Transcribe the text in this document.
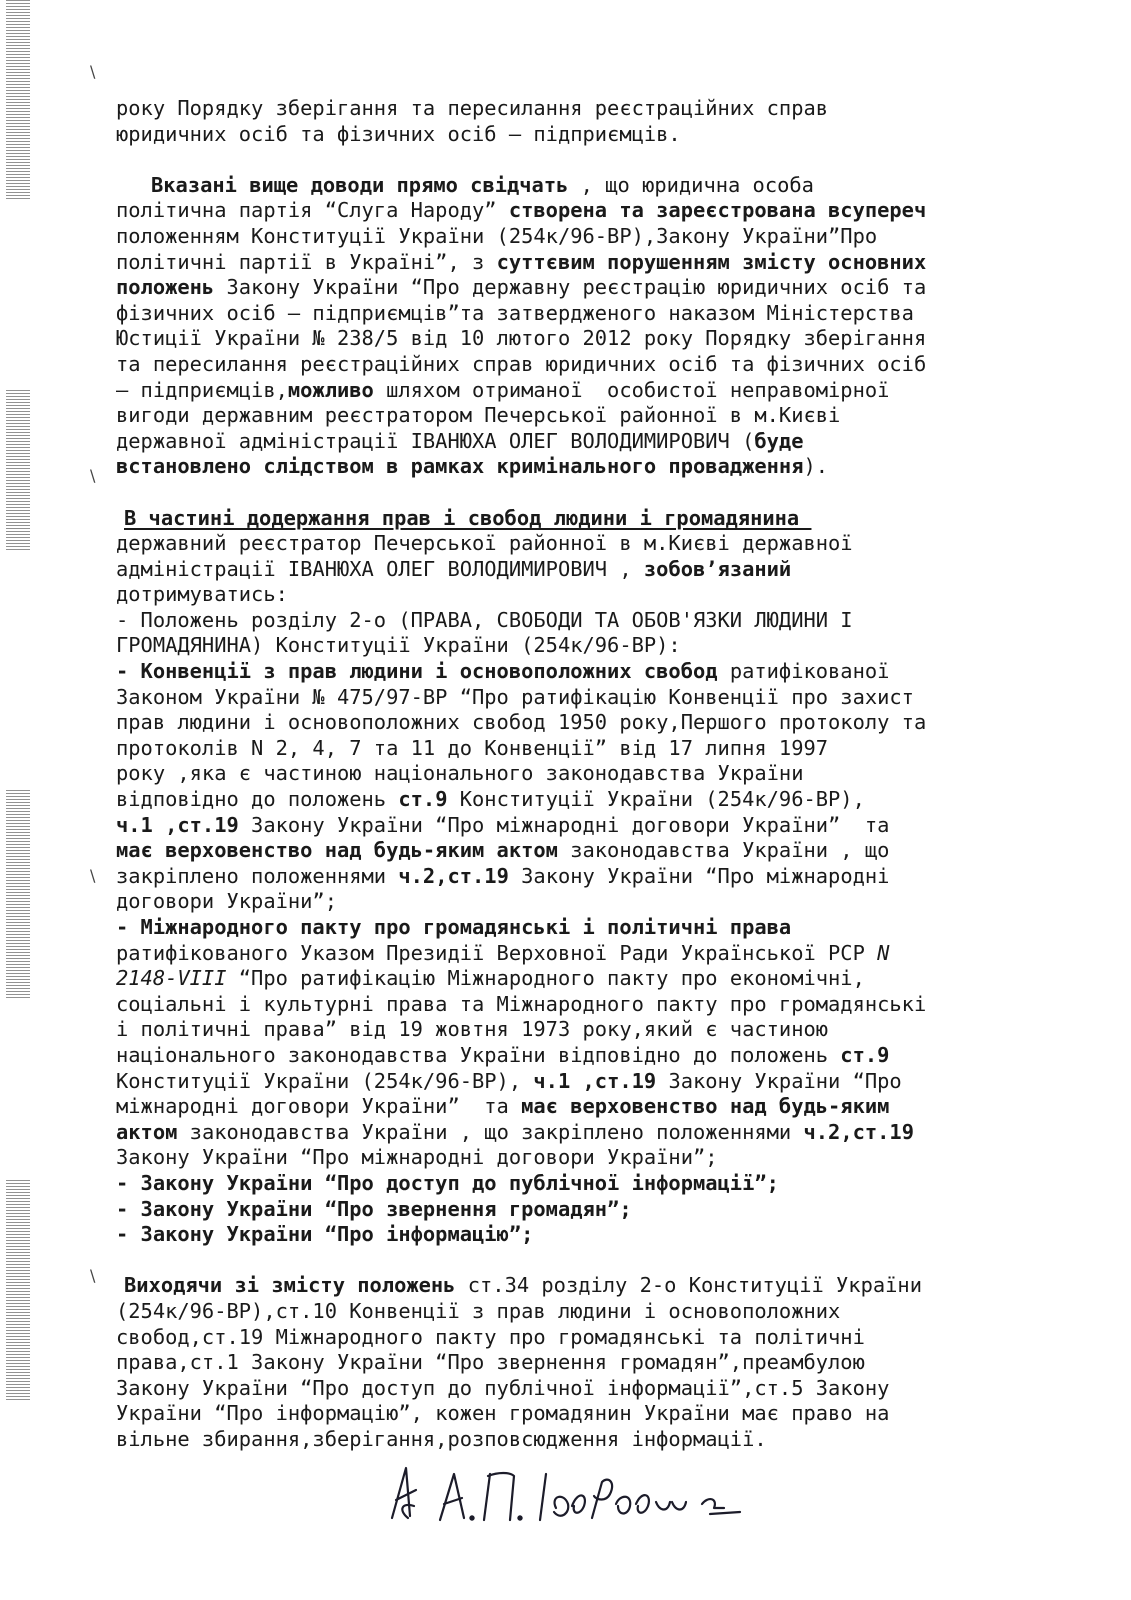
\
\
\
\
року Порядку зберігання та пересилання реєстраційних справ
юридичних осіб та фізичних осіб – підприємців.
Вказані вище доводи прямо свідчать , що юридична особа
політична партія “Слуга Народу” створена та зареєстрована всупереч
положенням Конституції України (254к/96-ВР),Закону України”Про
політичні партії в Україні”, з суттєвим порушенням змісту основних
положень Закону України “Про державну реєстрацію юридичних осіб та
фізичних осіб – підприємців”та затвердженого наказом Міністерства
Юстиції України № 238/5 від 10 лютого 2012 року Порядку зберігання
та пересилання реєстраційних справ юридичних осіб та фізичних осіб
– підприємців,можливо шляхом отриманої  особистої неправомірної
вигоди державним реєстратором Печерської районної в м.Києві
державної адміністрації ІВАНЮХА ОЛЕГ ВОЛОДИМИРОВИЧ (буде
встановлено слідством в рамках кримінального провадження).
В частині додержання прав і свобод людини і громадянина
державний реєстратор Печерської районної в м.Києві державної
адміністрації ІВАНЮХА ОЛЕГ ВОЛОДИМИРОВИЧ , зобов’язаний
дотримуватись:
- Положень розділу 2-о (ПРАВА, СВОБОДИ ТА ОБОВ'ЯЗКИ ЛЮДИНИ І
ГРОМАДЯНИНА) Конституції України (254к/96-ВР):
- Конвенції з прав людини і основоположних свобод ратифікованої
Законом України № 475/97-ВР “Про ратифікацію Конвенції про захист
прав людини і основоположних свобод 1950 року,Першого протоколу та
протоколів N 2, 4, 7 та 11 до Конвенції” від 17 липня 1997
року ,яка є частиною національного законодавства України
відповідно до положень ст.9 Конституції України (254к/96-ВР),
ч.1 ,ст.19 Закону України “Про міжнародні договори України”  та
має верховенство над будь-яким актом законодавства України , що
закріплено положеннями ч.2,ст.19 Закону України “Про міжнародні
договори України”;
- Міжнародного пакту про громадянські і політичні права
ратифікованого Указом Президії Верховної Ради Української РСР N
2148-VIII “Про ратифікацію Міжнародного пакту про економічні,
соціальні і культурні права та Міжнародного пакту про громадянські
і політичні права” від 19 жовтня 1973 року,який є частиною
національного законодавства України відповідно до положень ст.9
Конституції України (254к/96-ВР), ч.1 ,ст.19 Закону України “Про
міжнародні договори України”  та має верховенство над будь-яким
актом законодавства України , що закріплено положеннями ч.2,ст.19
Закону України “Про міжнародні договори України”;
- Закону України “Про доступ до публічної інформації”;
- Закону України “Про звернення громадян”;
- Закону України “Про інформацію”;
Виходячи зі змісту положень ст.34 розділу 2-о Конституції України
(254к/96-ВР),ст.10 Конвенції з прав людини і основоположних
свобод,ст.19 Міжнародного пакту про громадянські та політичні
права,ст.1 Закону України “Про звернення громадян”,преамбулою
Закону України “Про доступ до публічної інформації”,ст.5 Закону
України “Про інформацію”, кожен громадянин України має право на
вільне збирання,зберігання,розповсюдження інформації.
